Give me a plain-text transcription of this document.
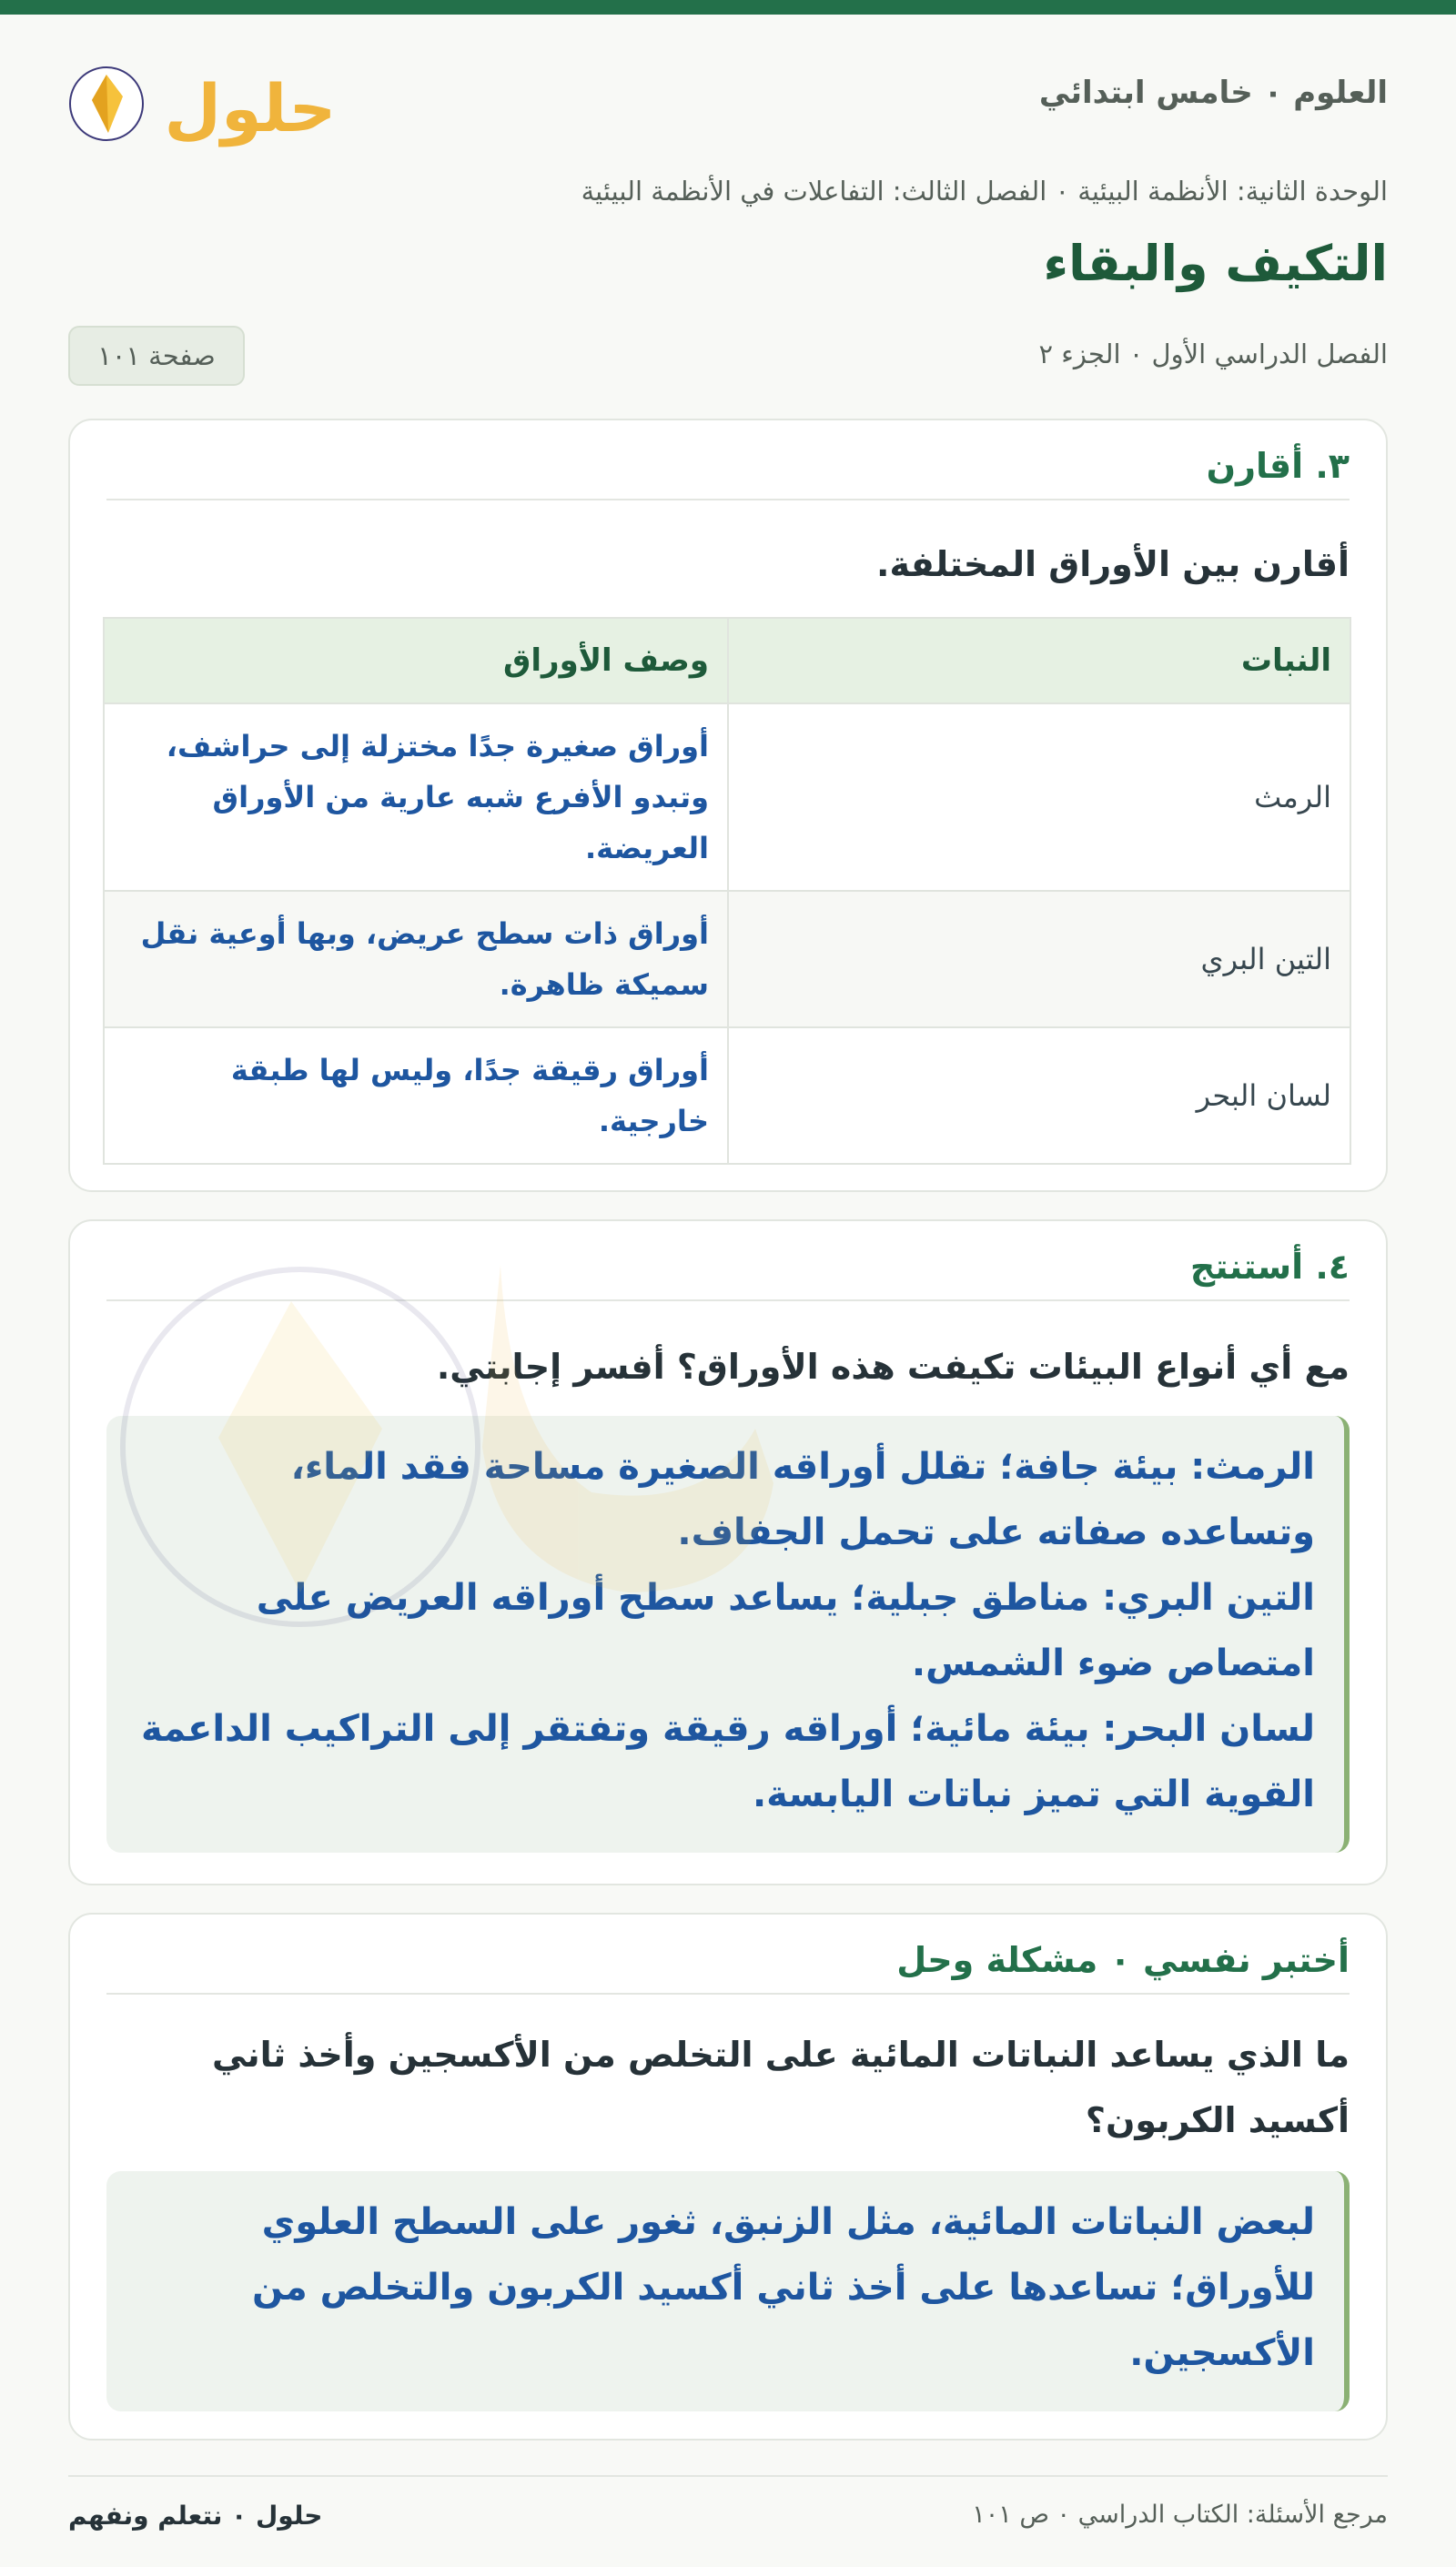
العلوم ٠ خامس ابتدائي
حلول
الوحدة الثانية: الأنظمة البيئية ٠ الفصل الثالث: التفاعلات في الأنظمة البيئية
التكيف والبقاء
الفصل الدراسي الأول ٠ الجزء ٢
صفحة ١٠١
٣. أقارن
أقارن بين الأوراق المختلفة.
النبات	وصف الأوراق
الرمث	أوراق صغيرة جدًا مختزلة إلى حراشف، وتبدو الأفرع شبه عارية من الأوراق العريضة.
التين البري	أوراق ذات سطح عريض، وبها أوعية نقل سميكة ظاهرة.
لسان البحر	أوراق رقيقة جدًا، وليس لها طبقة خارجية.
٤. أستنتج
مع أي أنواع البيئات تكيفت هذه الأوراق؟ أفسر إجابتي.

الرمث: بيئة جافة؛ تقلل أوراقه الصغيرة مساحة فقد الماء، وتساعده صفاته على تحمل الجفاف.

التين البري: مناطق جبلية؛ يساعد سطح أوراقه العريض على امتصاص ضوء الشمس.

لسان البحر: بيئة مائية؛ أوراقه رقيقة وتفتقر إلى التراكيب الداعمة القوية التي تميز نباتات اليابسة.

أختبر نفسي ٠ مشكلة وحل
ما الذي يساعد النباتات المائية على التخلص من الأكسجين وأخذ ثاني أكسيد الكربون؟

لبعض النباتات المائية، مثل الزنبق، ثغور على السطح العلوي للأوراق؛ تساعدها على أخذ ثاني أكسيد الكربون والتخلص من الأكسجين.

حلول ٠ نتعلم ونفهم	مرجع الأسئلة: الكتاب الدراسي ٠ ص ١٠١
